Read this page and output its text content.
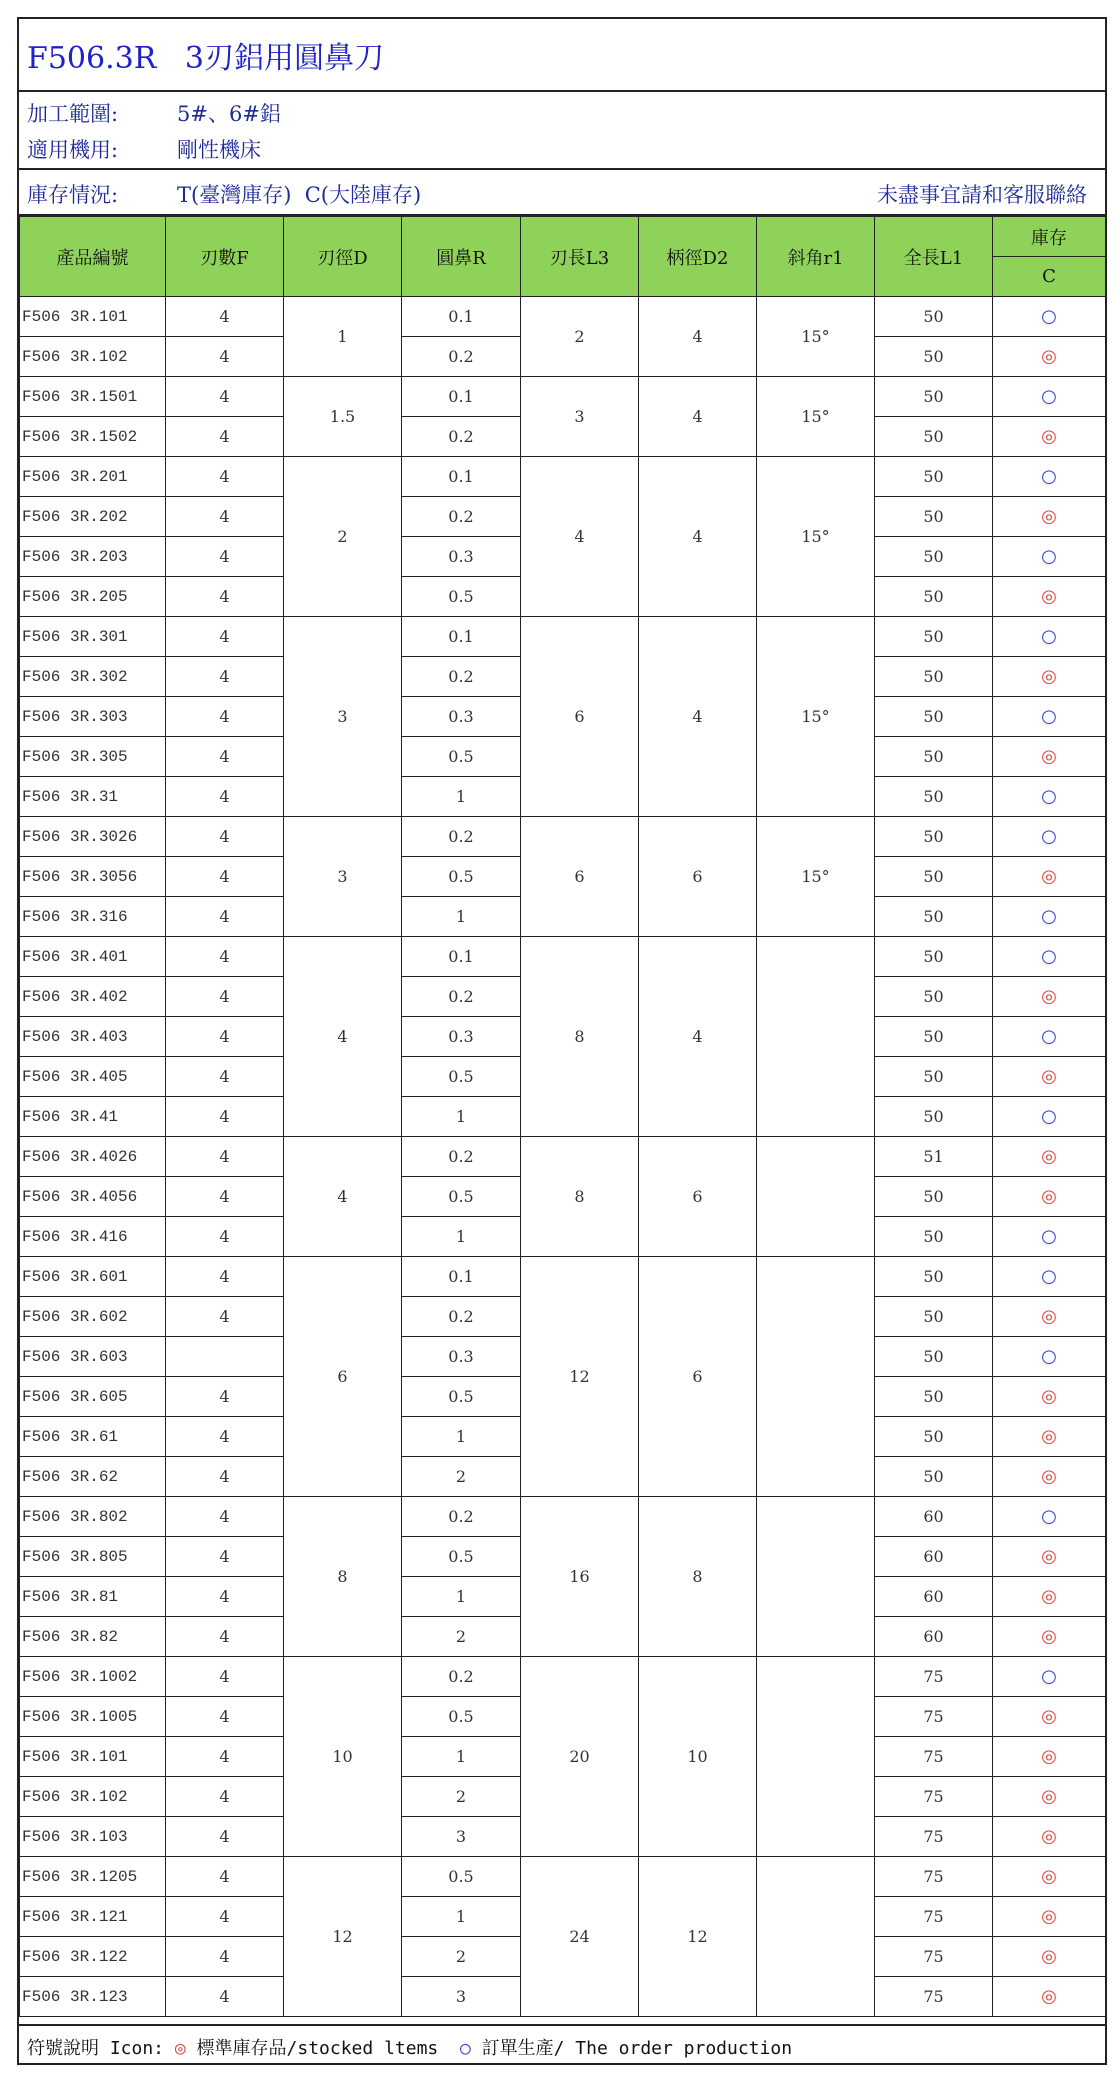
F506.3R   3刃鋁用圓鼻刀
加工範圍:	5#、6#鋁
適用機用:	剛性機床
庫存情況:	T(臺灣庫存)  C(大陸庫存)	未盡事宜請和客服聯絡
產品編號	刃數F	刃徑D	圓鼻R	刃長L3	柄徑D2	斜角r1	全長L1	庫存
								C
F506 3R.101	4	1	0.1	2	4	15°	50	○
F506 3R.102	4		0.2				50	◎
F506 3R.1501	4	1.5	0.1	3	4	15°	50	○
F506 3R.1502	4		0.2				50	◎
F506 3R.201	4	2	0.1	4	4	15°	50	○
F506 3R.202	4		0.2				50	◎
F506 3R.203	4		0.3				50	○
F506 3R.205	4		0.5				50	◎
F506 3R.301	4	3	0.1	6	4	15°	50	○
F506 3R.302	4		0.2				50	◎
F506 3R.303	4		0.3				50	○
F506 3R.305	4		0.5				50	◎
F506 3R.31	4		1				50	○
F506 3R.3026	4	3	0.2	6	6	15°	50	○
F506 3R.3056	4		0.5				50	◎
F506 3R.316	4		1				50	○
F506 3R.401	4	4	0.1	8	4		50	○
F506 3R.402	4		0.2				50	◎
F506 3R.403	4		0.3				50	○
F506 3R.405	4		0.5				50	◎
F506 3R.41	4		1				50	○
F506 3R.4026	4	4	0.2	8	6		51	◎
F506 3R.4056	4		0.5				50	◎
F506 3R.416	4		1				50	○
F506 3R.601	4	6	0.1	12	6		50	○
F506 3R.602	4		0.2				50	◎
F506 3R.603			0.3				50	○
F506 3R.605	4		0.5				50	◎
F506 3R.61	4		1				50	◎
F506 3R.62	4		2				50	◎
F506 3R.802	4	8	0.2	16	8		60	○
F506 3R.805	4		0.5				60	◎
F506 3R.81	4		1				60	◎
F506 3R.82	4		2				60	◎
F506 3R.1002	4	10	0.2	20	10		75	○
F506 3R.1005	4		0.5				75	◎
F506 3R.101	4		1				75	◎
F506 3R.102	4		2				75	◎
F506 3R.103	4		3				75	◎
F506 3R.1205	4	12	0.5	24	12		75	◎
F506 3R.121	4		1				75	◎
F506 3R.122	4		2				75	◎
F506 3R.123	4		3				75	◎
符號說明 Icon: ◎ 標準庫存品/stocked ltems  ○ 訂單生產/ The order production
